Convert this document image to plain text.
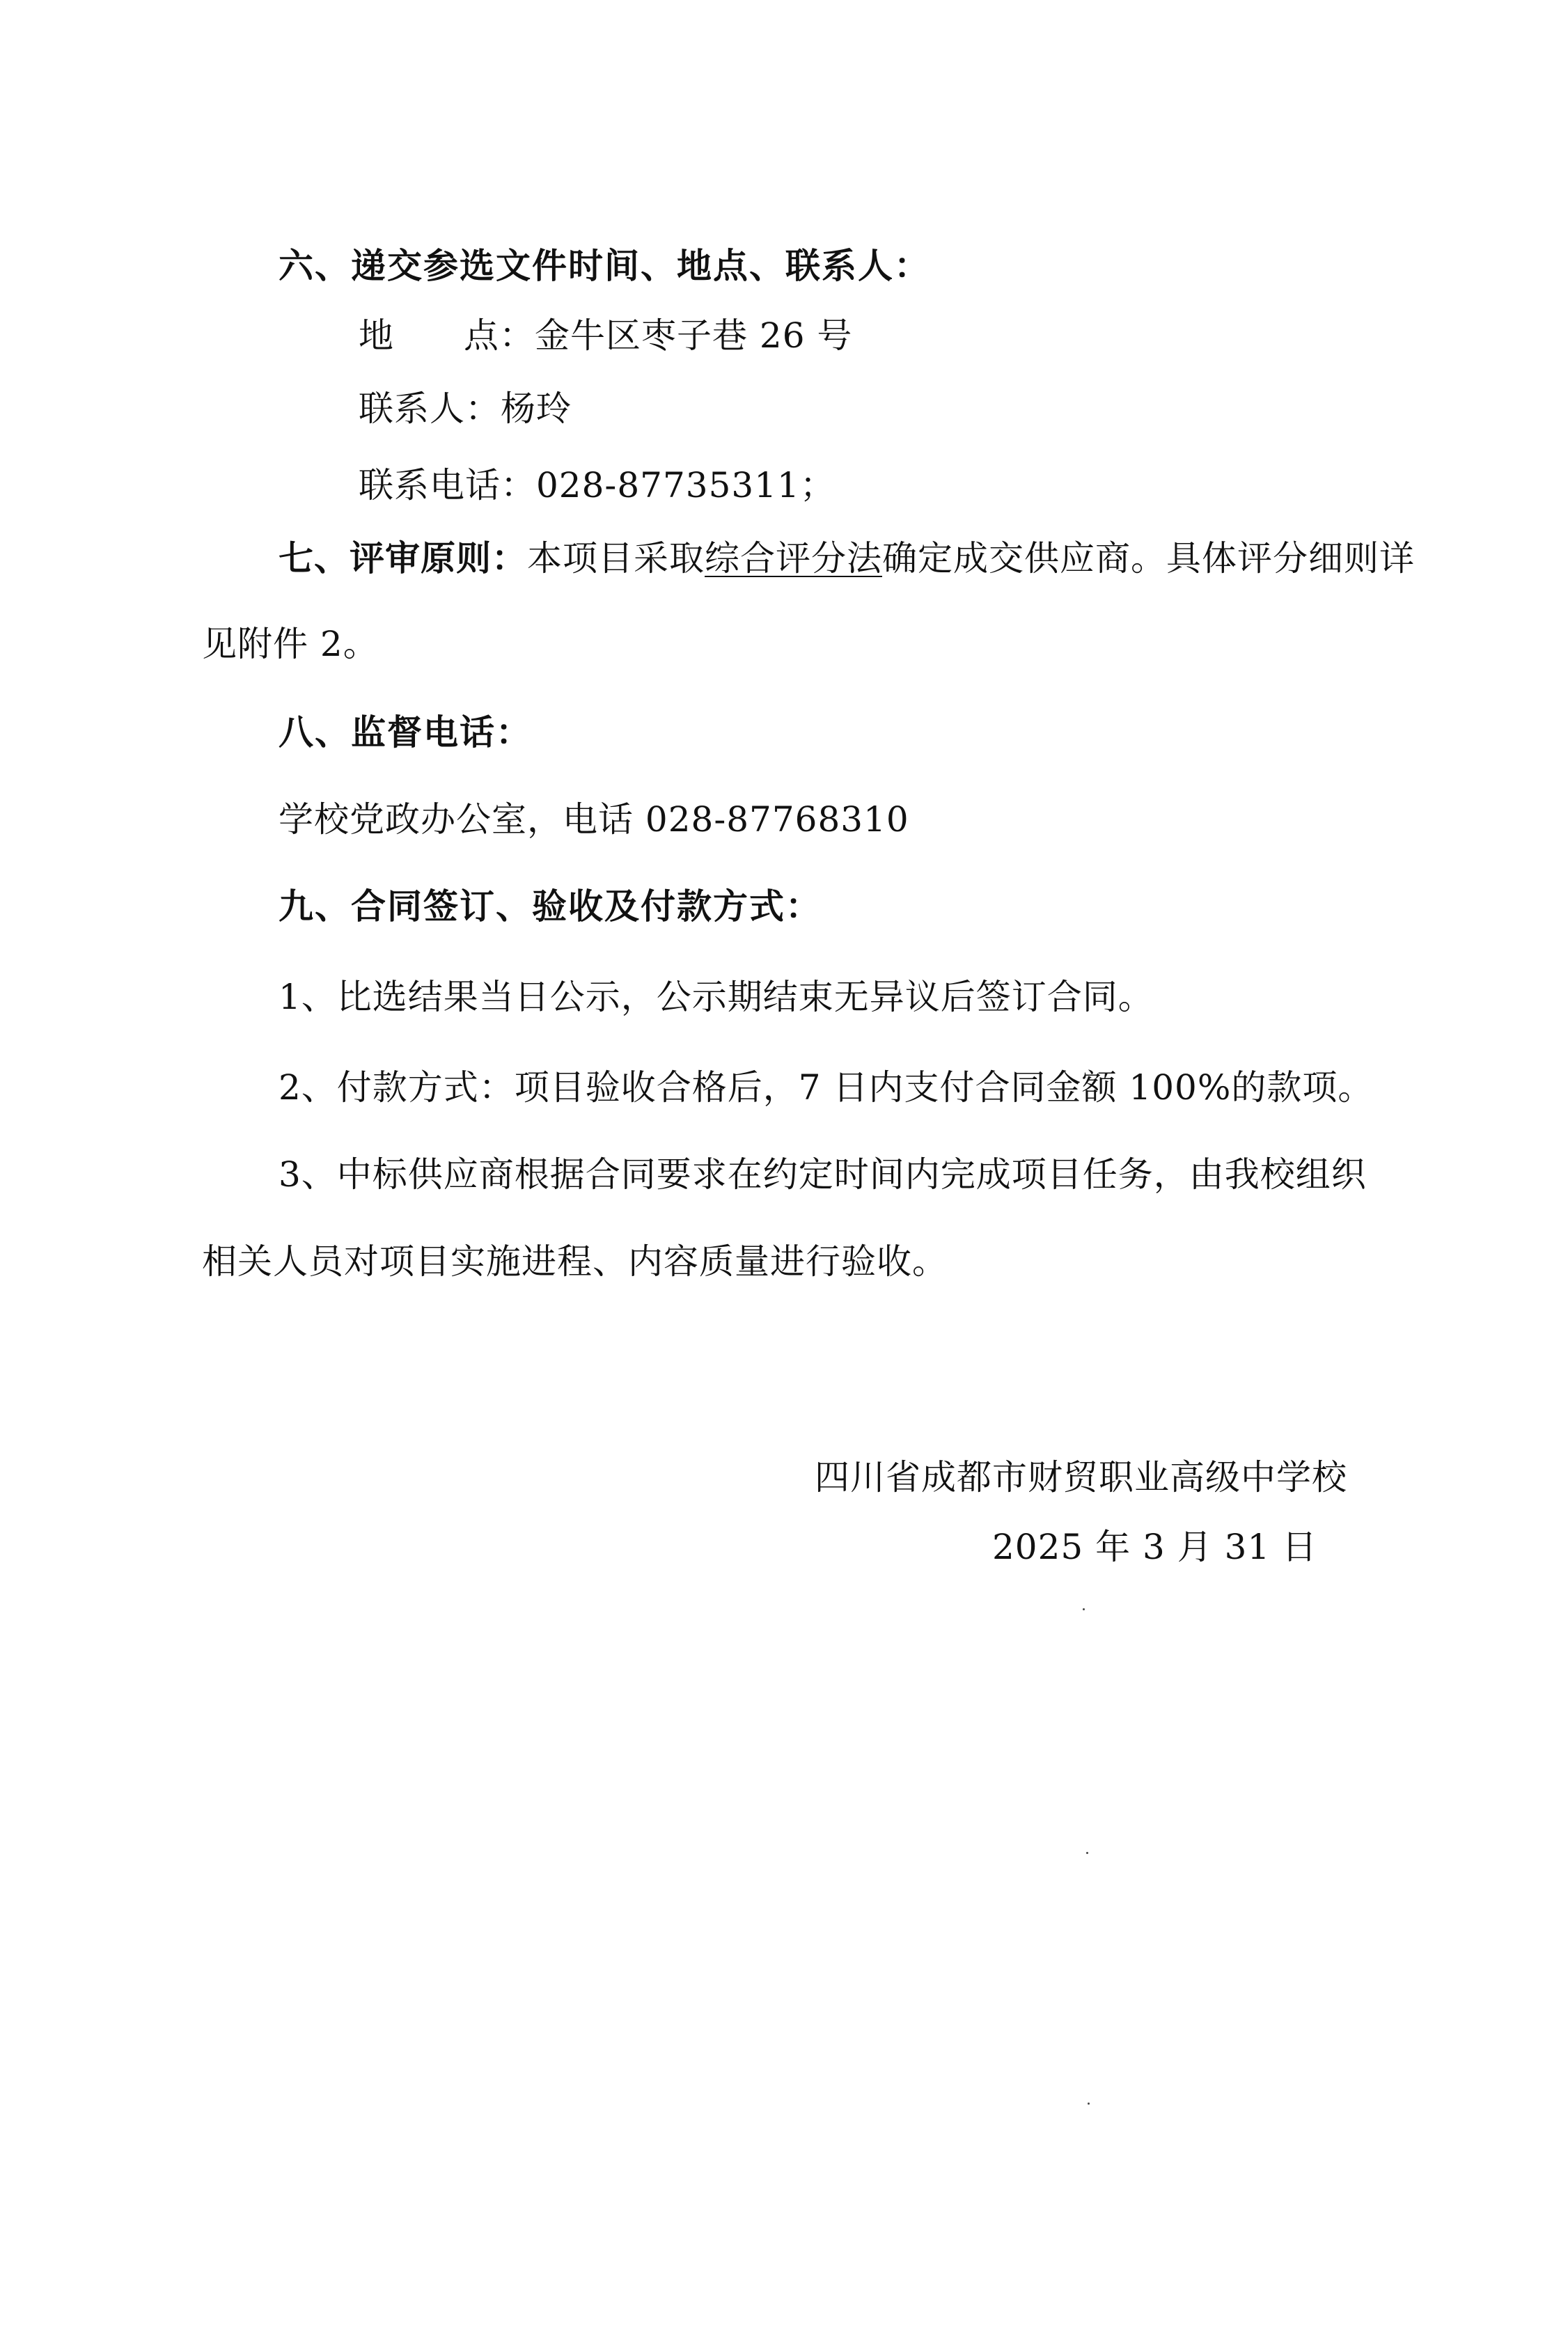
六、递交参选文件时间、地点、联系人：
地 点：金牛区枣子巷 26 号
联系人：杨玲
联系电话：028-87735311；
七、评审原则：本项目采取综合评分法确定成交供应商。具体评分细则详
见附件 2。
八、监督电话：
学校党政办公室，电话 028-87768310
九、合同签订、验收及付款方式：
1、比选结果当日公示，公示期结束无异议后签订合同。
2、付款方式：项目验收合格后，7 日内支付合同金额 100%的款项。
3、中标供应商根据合同要求在约定时间内完成项目任务，由我校组织
相关人员对项目实施进程、内容质量进行验收。
四川省成都市财贸职业高级中学校
2025 年 3 月 31 日
